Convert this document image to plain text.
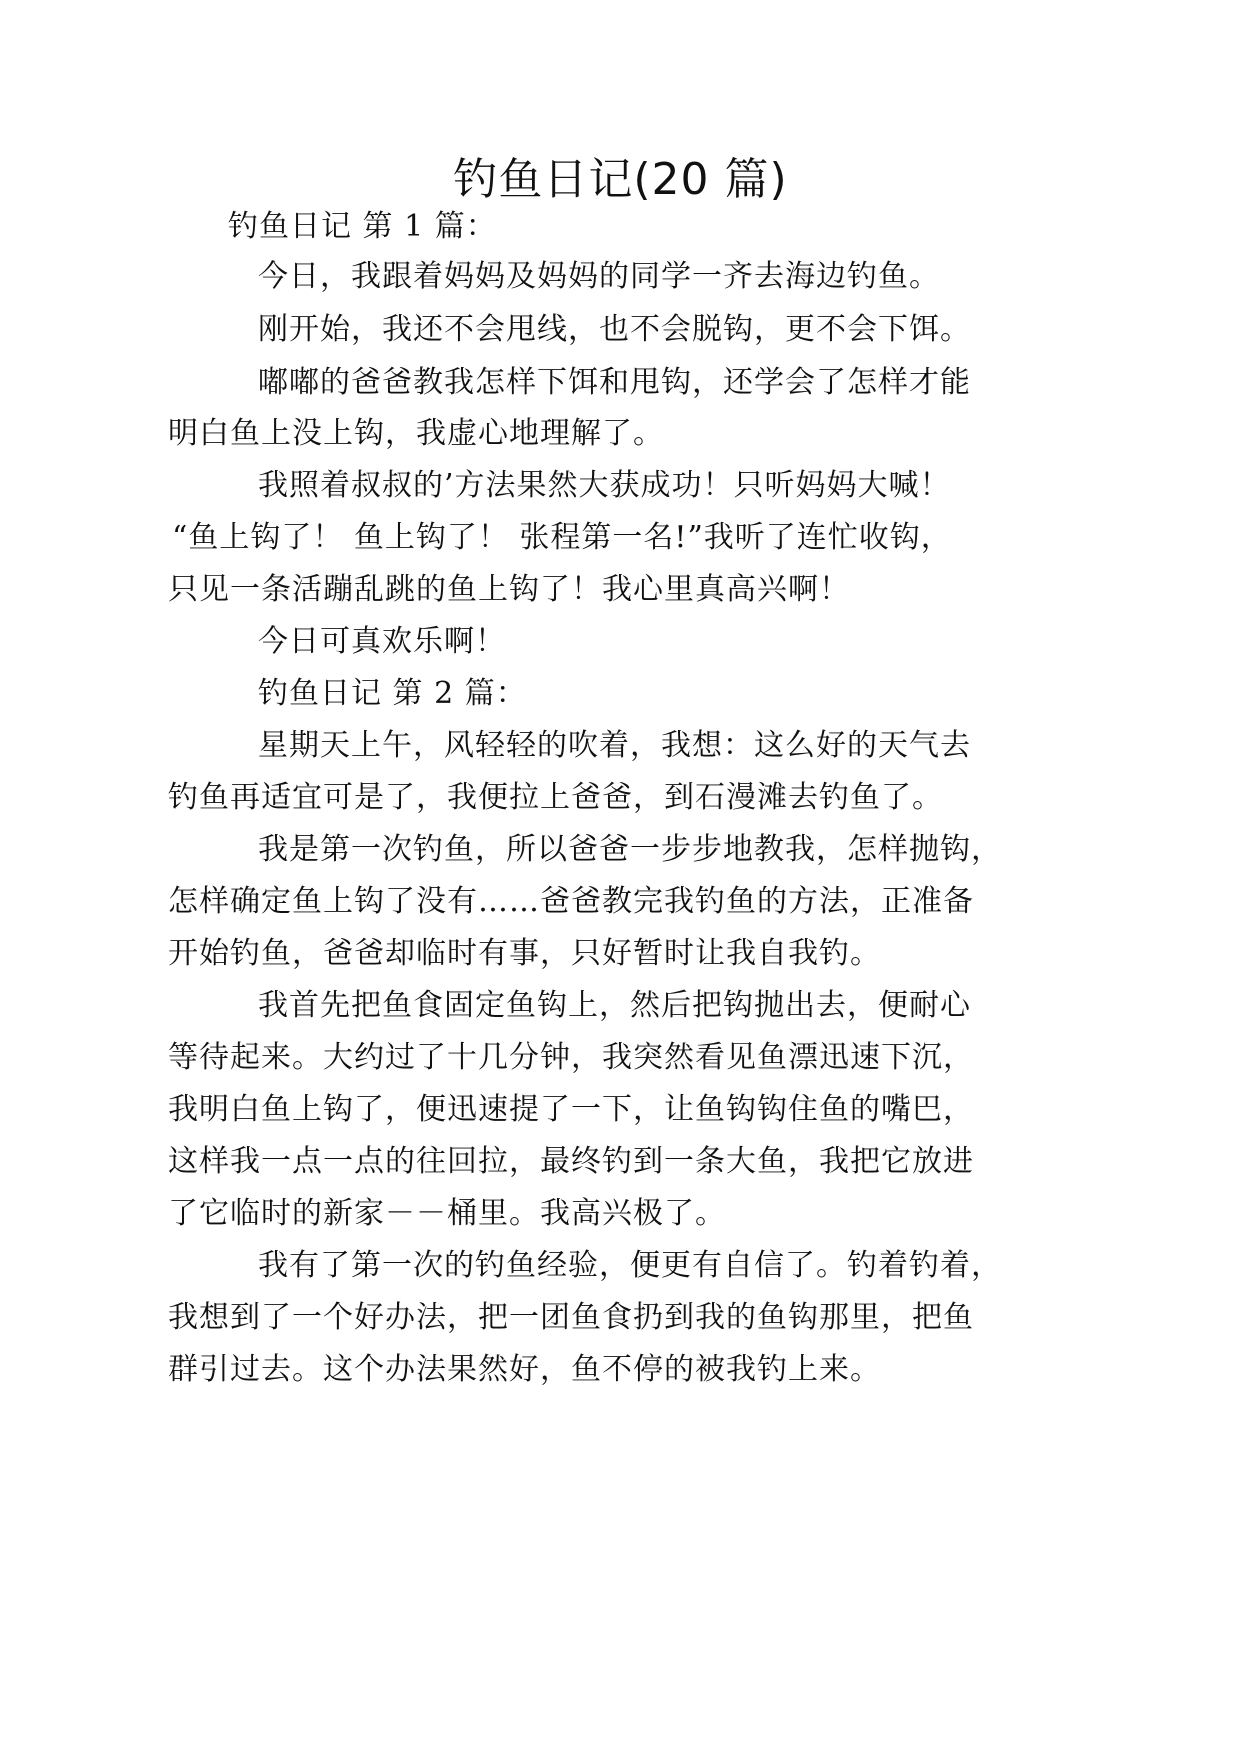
钓鱼日记(20 篇)

钓鱼日记 第 1 篇：

今日，我跟着妈妈及妈妈的同学一齐去海边钓鱼。

刚开始，我还不会甩线，也不会脱钩，更不会下饵。

嘟嘟的爸爸教我怎样下饵和甩钩，还学会了怎样才能

明白鱼上没上钩，我虚心地理解了。

我照着叔叔的’方法果然大获成功！只听妈妈大喊！

“鱼上钩了！ 鱼上钩了！ 张程第一名!”我听了连忙收钩，

只见一条活蹦乱跳的鱼上钩了！我心里真高兴啊！

今日可真欢乐啊！

钓鱼日记 第 2 篇：

星期天上午，风轻轻的吹着，我想：这么好的天气去

钓鱼再适宜可是了，我便拉上爸爸，到石漫滩去钓鱼了。

我是第一次钓鱼，所以爸爸一步步地教我，怎样抛钩，

怎样确定鱼上钩了没有……爸爸教完我钓鱼的方法，正准备

开始钓鱼，爸爸却临时有事，只好暂时让我自我钓。

我首先把鱼食固定鱼钩上，然后把钩抛出去，便耐心

等待起来。大约过了十几分钟，我突然看见鱼漂迅速下沉，

我明白鱼上钩了，便迅速提了一下，让鱼钩钩住鱼的嘴巴，

这样我一点一点的往回拉，最终钓到一条大鱼，我把它放进

了它临时的新家－－桶里。我高兴极了。

我有了第一次的钓鱼经验，便更有自信了。钓着钓着，

我想到了一个好办法，把一团鱼食扔到我的鱼钩那里，把鱼

群引过去。这个办法果然好，鱼不停的被我钓上来。
